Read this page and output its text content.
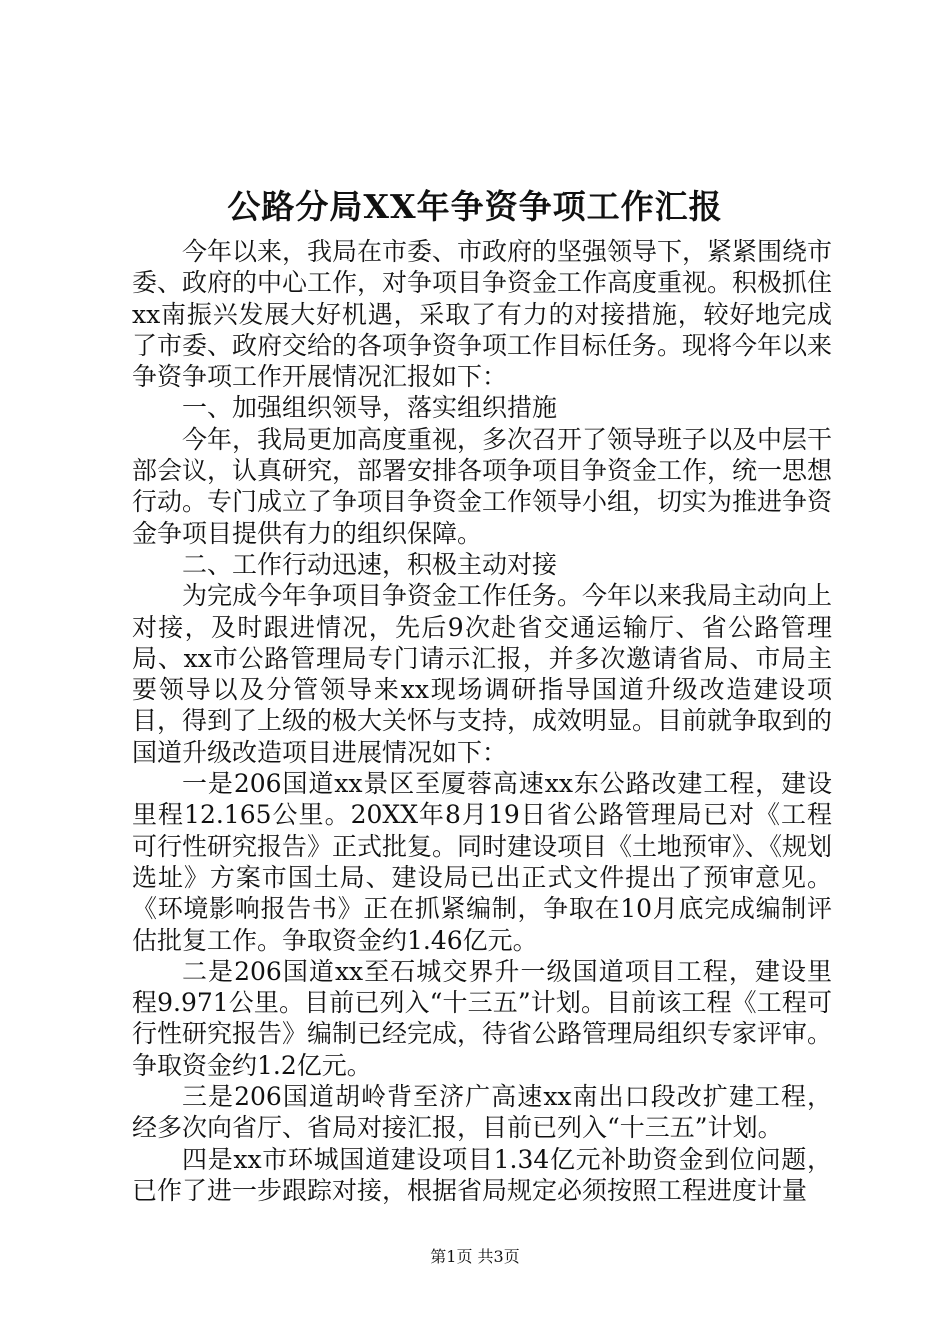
公路分局XX年争资争项工作汇报

今年以来，我局在市委、市政府的坚强领导下，紧紧围绕市委、政府的中心工作，对争项目争资金工作高度重视。积极抓住xx南振兴发展大好机遇，采取了有力的对接措施，较好地完成了市委、政府交给的各项争资争项工作目标任务。现将今年以来争资争项工作开展情况汇报如下：

一、加强组织领导，落实组织措施

今年，我局更加高度重视，多次召开了领导班子以及中层干部会议，认真研究，部署安排各项争项目争资金工作，统一思想行动。专门成立了争项目争资金工作领导小组，切实为推进争资金争项目提供有力的组织保障。

二、工作行动迅速，积极主动对接

为完成今年争项目争资金工作任务。今年以来我局主动向上对接，及时跟进情况，先后9次赴省交通运输厅、省公路管理局、xx市公路管理局专门请示汇报，并多次邀请省局、市局主要领导以及分管领导来xx现场调研指导国道升级改造建设项目，得到了上级的极大关怀与支持，成效明显。目前就争取到的国道升级改造项目进展情况如下：

一是206国道xx景区至厦蓉高速xx东公路改建工程，建设里程12.165公里。20XX年8月19日省公路管理局已对《工程可行性研究报告》正式批复。同时建设项目《土地预审》、《规划选址》方案市国土局、建设局已出正式文件提出了预审意见。《环境影响报告书》正在抓紧编制，争取在10月底完成编制评估批复工作。争取资金约1.46亿元。

二是206国道xx至石城交界升一级国道项目工程，建设里程9.971公里。目前已列入“十三五”计划。目前该工程《工程可行性研究报告》编制已经完成，待省公路管理局组织专家评审。争取资金约1.2亿元。

三是206国道胡岭背至济广高速xx南出口段改扩建工程，经多次向省厅、省局对接汇报，目前已列入“十三五”计划。

四是xx市环城国道建设项目1.34亿元补助资金到位问题，已作了进一步跟踪对接，根据省局规定必须按照工程进度计量

第1页 共3页
